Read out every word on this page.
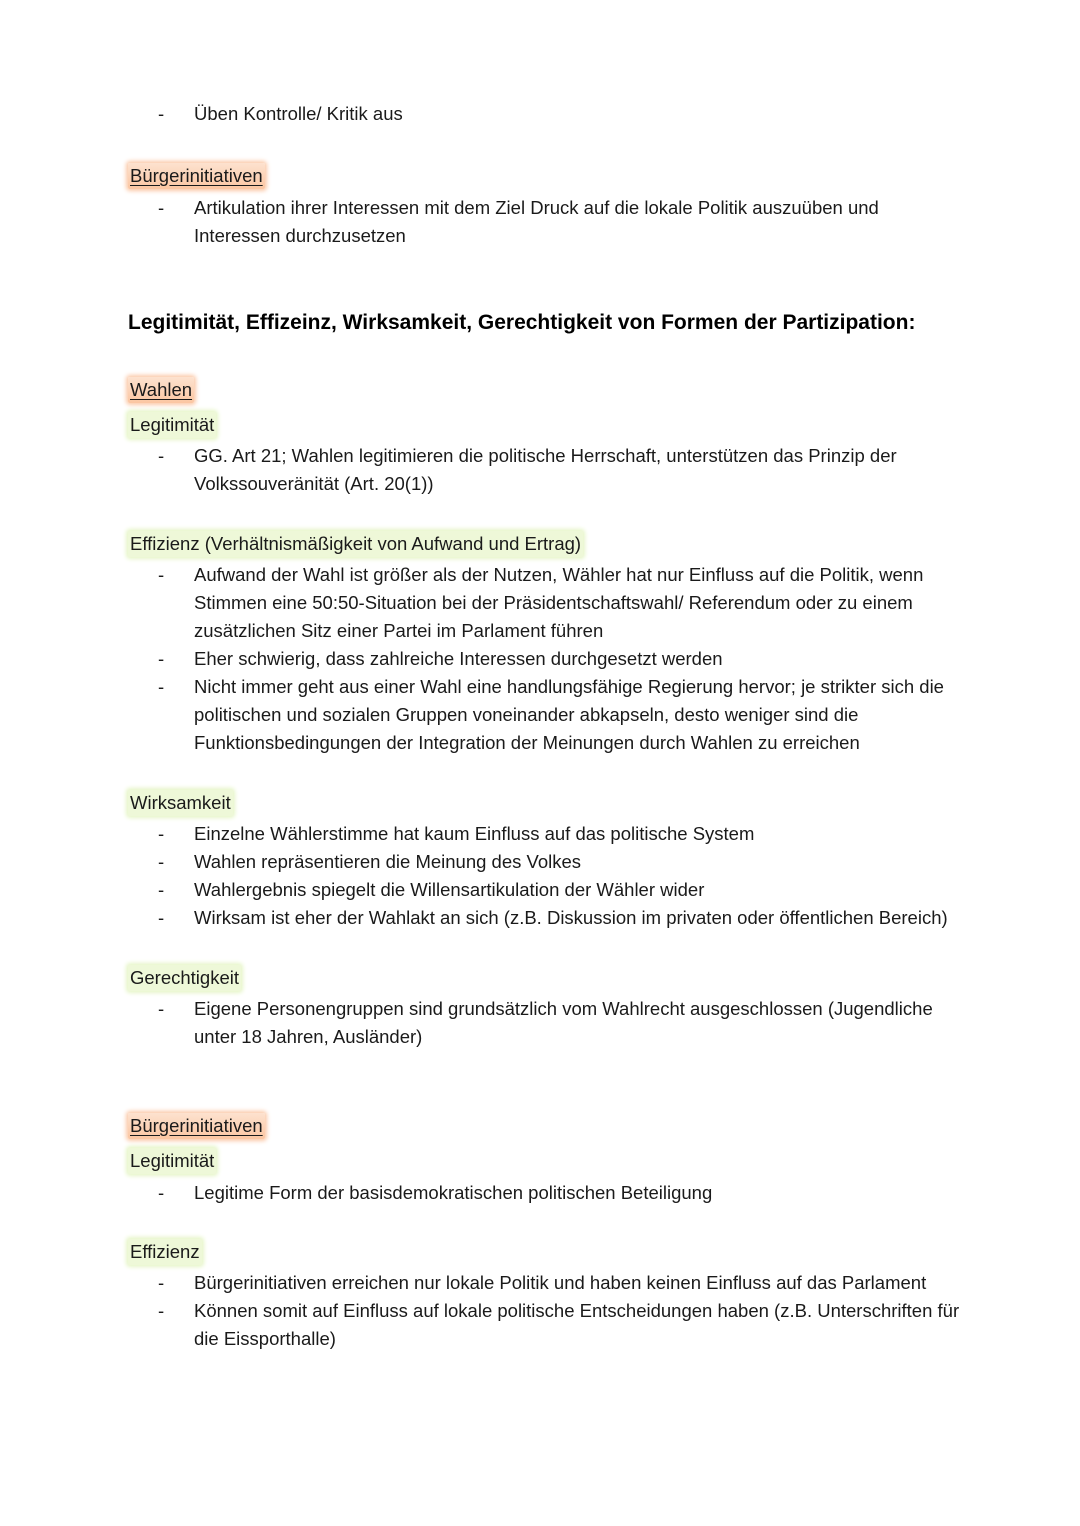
- Üben Kontrolle/ Kritik aus
Bürgerinitiativen
- Artikulation ihrer Interessen mit dem Ziel Druck auf die lokale Politik auszuüben und Interessen durchzusetzen
Legitimität, Effizeinz, Wirksamkeit, Gerechtigkeit von Formen der Partizipation:
Wahlen
Legitimität
- GG. Art 21; Wahlen legitimieren die politische Herrschaft, unterstützen das Prinzip der Volkssouveränität (Art. 20(1))
Effizienz (Verhältnismäßigkeit von Aufwand und Ertrag)
- Aufwand der Wahl ist größer als der Nutzen, Wähler hat nur Einfluss auf die Politik, wenn Stimmen eine 50:50-Situation bei der Präsidentschaftswahl/ Referendum oder zu einem zusätzlichen Sitz einer Partei im Parlament führen
- Eher schwierig, dass zahlreiche Interessen durchgesetzt werden
- Nicht immer geht aus einer Wahl eine handlungsfähige Regierung hervor; je strikter sich die politischen und sozialen Gruppen voneinander abkapseln, desto weniger sind die Funktionsbedingungen der Integration der Meinungen durch Wahlen zu erreichen
Wirksamkeit
- Einzelne Wählerstimme hat kaum Einfluss auf das politische System
- Wahlen repräsentieren die Meinung des Volkes
- Wahlergebnis spiegelt die Willensartikulation der Wähler wider
- Wirksam ist eher der Wahlakt an sich (z.B. Diskussion im privaten oder öffentlichen Bereich)
Gerechtigkeit
- Eigene Personengruppen sind grundsätzlich vom Wahlrecht ausgeschlossen (Jugendliche unter 18 Jahren, Ausländer)
Bürgerinitiativen
Legitimität
- Legitime Form der basisdemokratischen politischen Beteiligung
Effizienz
- Bürgerinitiativen erreichen nur lokale Politik und haben keinen Einfluss auf das Parlament
- Können somit auf Einfluss auf lokale politische Entscheidungen haben (z.B. Unterschriften für die Eissporthalle)
